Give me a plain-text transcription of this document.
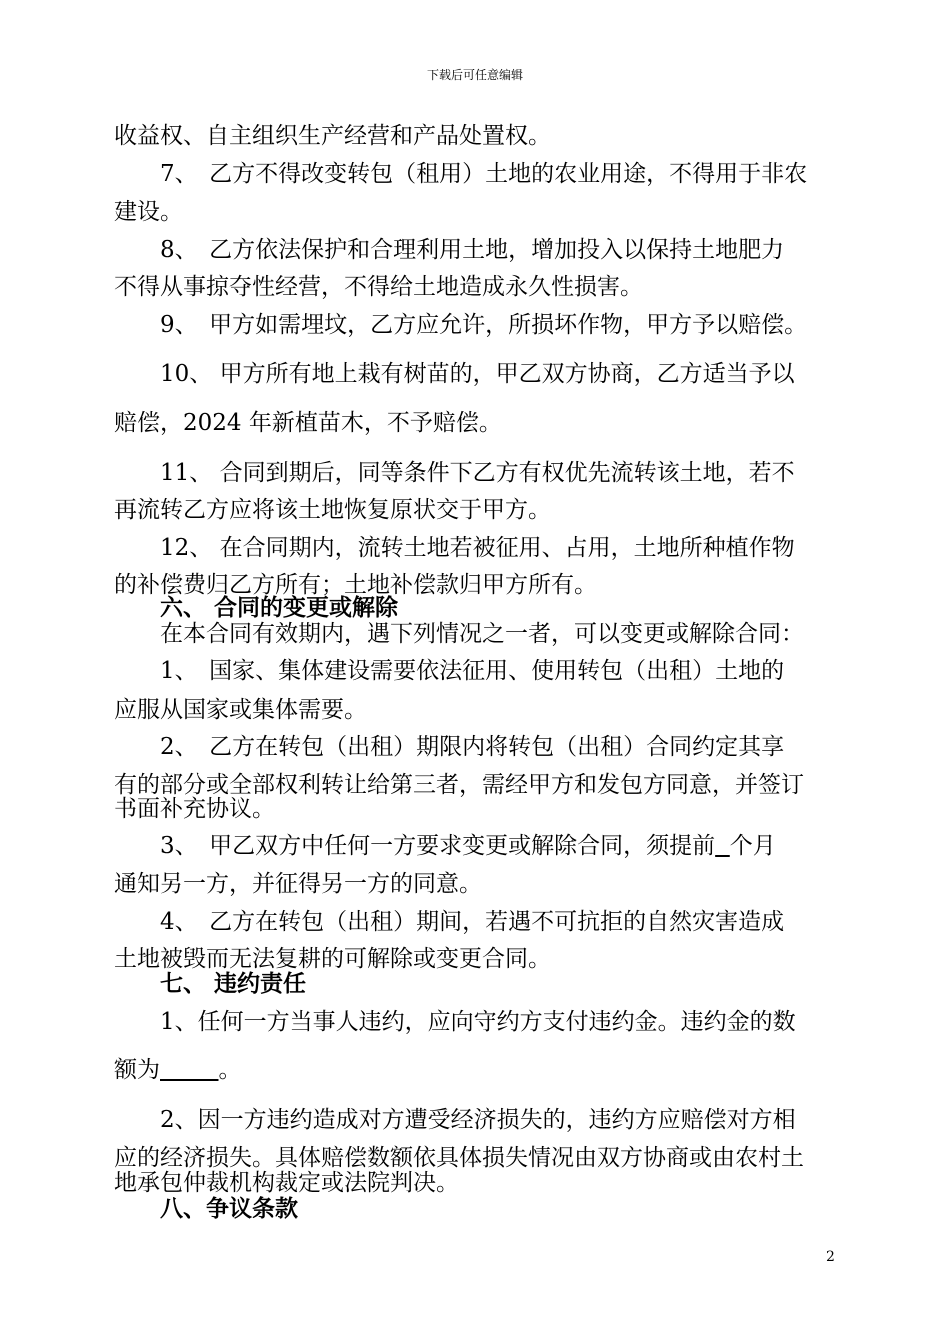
下载后可任意编辑
收益权、自主组织生产经营和产品处置权。
7、　乙方不得改变转包（租用）土地的农业用途，不得用于非农
建设。
8、　乙方依法保护和合理利用土地，增加投入以保持土地肥力
不得从事掠夺性经营，不得给土地造成永久性损害。
9、　甲方如需埋坟，乙方应允许，所损坏作物，甲方予以赔偿。
10、 甲方所有地上栽有树苗的，甲乙双方协商，乙方适当予以
赔偿，2024 年新植苗木，不予赔偿。
11、 合同到期后，同等条件下乙方有权优先流转该土地，若不
再流转乙方应将该土地恢复原状交于甲方。
12、 在合同期内，流转土地若被征用、占用，土地所种植作物
的补偿费归乙方所有；土地补偿款归甲方所有。
六、 合同的变更或解除
在本合同有效期内，遇下列情况之一者，可以变更或解除合同：
1、　国家、集体建设需要依法征用、使用转包（出租）土地的
应服从国家或集体需要。
2、　乙方在转包（出租）期限内将转包（出租）合同约定其享
有的部分或全部权利转让给第三者，需经甲方和发包方同意，并签订
书面补充协议。
3、　甲乙双方中任何一方要求变更或解除合同，须提前 个月
通知另一方，并征得另一方的同意。
4、　乙方在转包（出租）期间，若遇不可抗拒的自然灾害造成
土地被毁而无法复耕的可解除或变更合同。
七、 违约责任
1、任何一方当事人违约，应向守约方支付违约金。违约金的数
额为	。
2、因一方违约造成对方遭受经济损失的，违约方应赔偿对方相
应的经济损失。具体赔偿数额依具体损失情况由双方协商或由农村土
地承包仲裁机构裁定或法院判决。
八、争议条款
2
